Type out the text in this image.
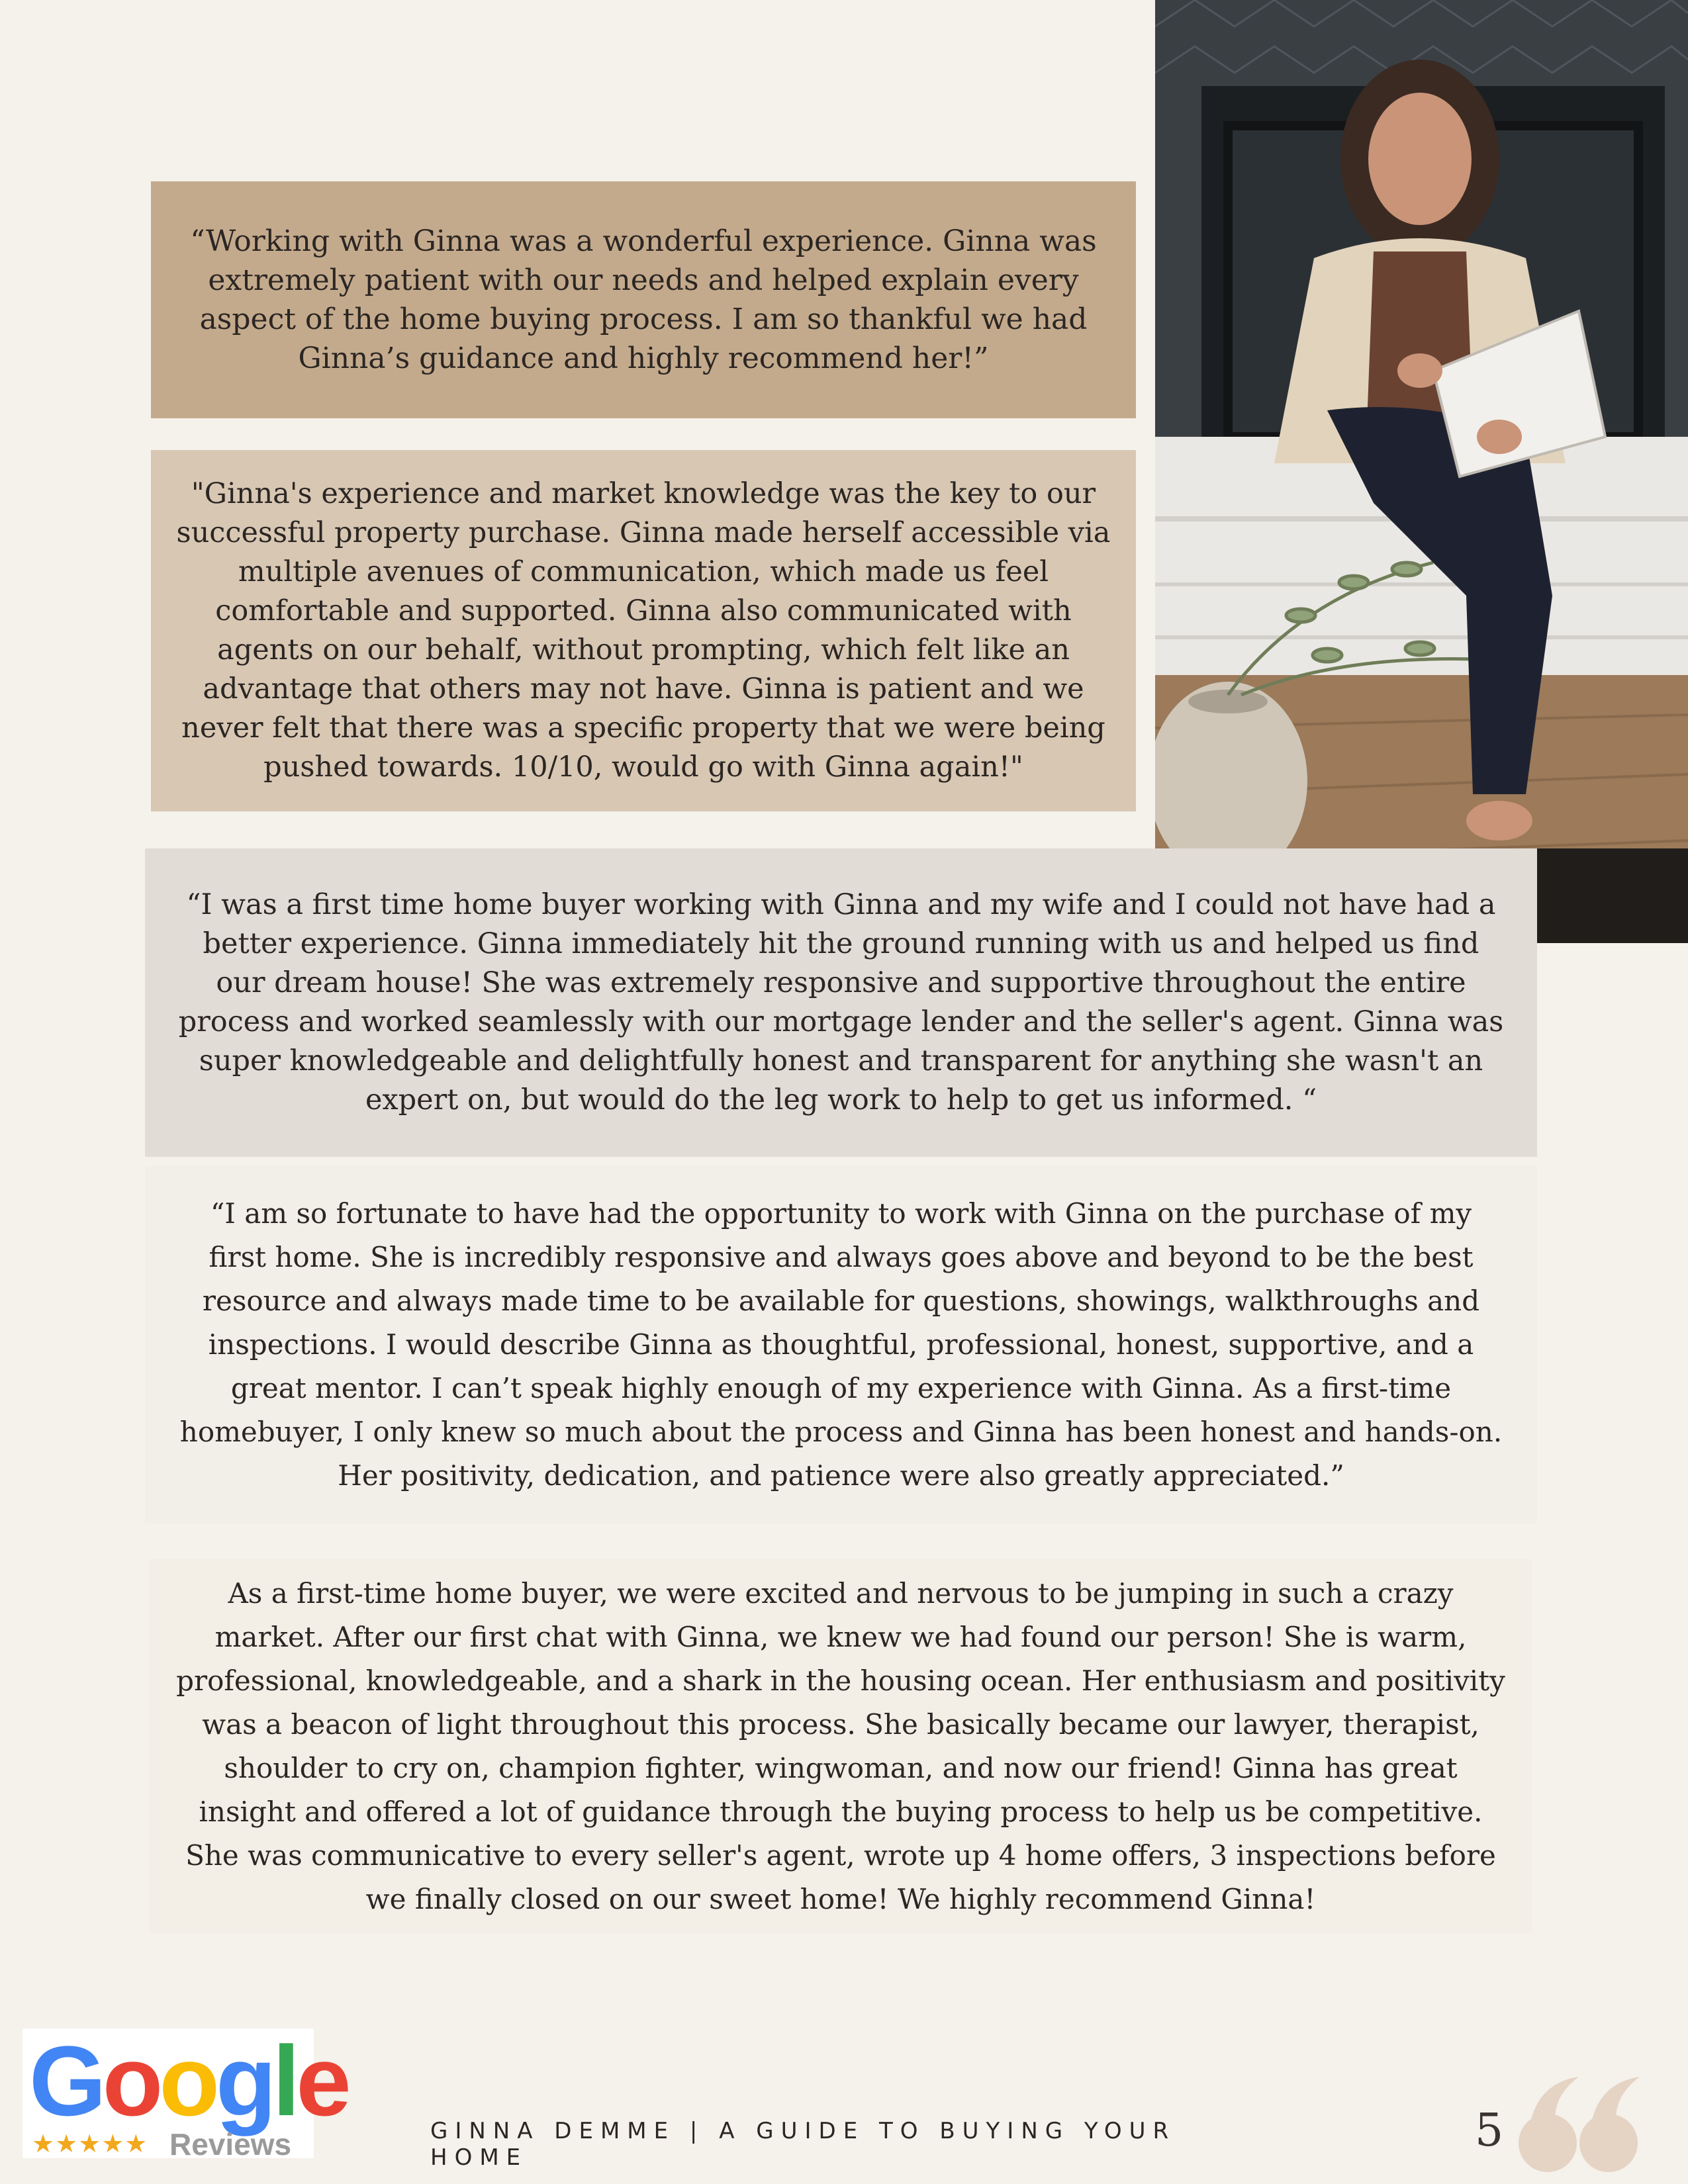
“Working with Ginna was a wonderful experience. Ginna was extremely patient with our needs and helped explain every aspect of the home buying process. I am so thankful we had Ginna’s guidance and highly recommend her!”

"Ginna's experience and market knowledge was the key to our successful property purchase. Ginna made herself accessible via multiple avenues of communication, which made us feel comfortable and supported. Ginna also communicated with agents on our behalf, without prompting, which felt like an advantage that others may not have. Ginna is patient and we never felt that there was a specific property that we were being pushed towards. 10/10, would go with Ginna again!"

“I was a first time home buyer working with Ginna and my wife and I could not have had a better experience. Ginna immediately hit the ground running with us and helped us find our dream house! She was extremely responsive and supportive throughout the entire process and worked seamlessly with our mortgage lender and the seller's agent. Ginna was super knowledgeable and delightfully honest and transparent for anything she wasn't an expert on, but would do the leg work to help to get us informed. “

“I am so fortunate to have had the opportunity to work with Ginna on the purchase of my first home. She is incredibly responsive and always goes above and beyond to be the best resource and always made time to be available for questions, showings, walkthroughs and inspections. I would describe Ginna as thoughtful, professional, honest, supportive, and a great mentor. I can’t speak highly enough of my experience with Ginna. As a first-time homebuyer, I only knew so much about the process and Ginna has been honest and hands-on. Her positivity, dedication, and patience were also greatly appreciated.”

As a first-time home buyer, we were excited and nervous to be jumping in such a crazy market. After our first chat with Ginna, we knew we had found our person! She is warm, professional, knowledgeable, and a shark in the housing ocean. Her enthusiasm and positivity was a beacon of light throughout this process. She basically became our lawyer, therapist, shoulder to cry on, champion fighter, wingwoman, and now our friend! Ginna has great insight and offered a lot of guidance through the buying process to help us be competitive. She was communicative to every seller's agent, wrote up 4 home offers, 3 inspections before we finally closed on our sweet home! We highly recommend Ginna!

Google
★★★★★ Reviews	GINNA DEMME | A GUIDE TO BUYING YOUR HOME
5
